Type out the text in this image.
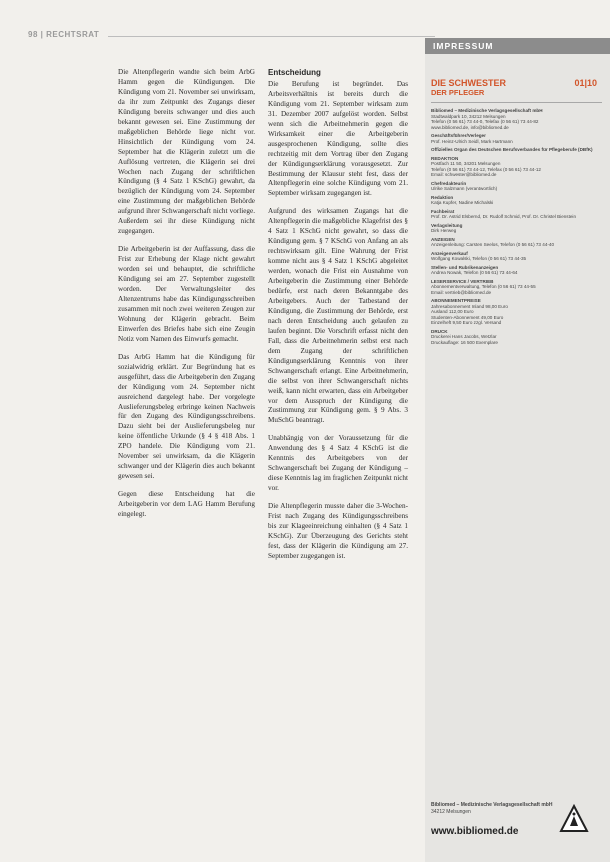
98 | RECHTSRAT

Die Altenpflegerin wandte sich beim ArbG Hamm gegen die Kündigungen. Die Kündigung vom 21. November sei unwirksam, da ihr zum Zeitpunkt des Zugangs dieser Kündigung bereits schwanger und dies auch bekannt gewesen sei. Eine Zustimmung der maßgeblichen Behörde liege nicht vor. Hinsichtlich der Kündigung vom 24. September hat die Klägerin zuletzt um die Auflösung vertreten, die Klägerin sei drei Wochen nach Zugang der schriftlichen Kündigung (§ 4 Satz 1 KSchG) gewahrt, da bezüglich der Kündigung vom 24. September eine Zustimmung der maßgeblichen Behörde aufgrund ihrer Schwangerschaft nicht vorliege. Außerdem sei ihr diese Kündigung nicht zugegangen.

Die Arbeitgeberin ist der Auffassung, dass die Frist zur Erhebung der Klage nicht gewahrt worden sei und behauptet, die schriftliche Kündigung sei am 27. September zugestellt worden. Der Verwaltungsleiter des Altenzentrums habe das Kündigungsschreiben zusammen mit noch zwei weiteren Zeugen zur Wohnung der Klägerin gebracht. Beim Einwerfen des Briefes habe sich eine Zeugin Notiz vom Namen des Einwurfs gemacht.

Das ArbG Hamm hat die Kündigung für sozialwidrig erklärt. Zur Begründung hat es ausgeführt, dass die Arbeitgeberin den Zugang der Kündigung vom 24. September nicht ausreichend dargelegt habe. Der vorgelegte Auslieferungsbeleg erbringe keinen Nachweis für den Zugang des Kündigungsschreibens. Dazu sieht bei der Auslieferungsbeleg nur keine öffentliche Urkunde (§ 4 § 418 Abs. 1 ZPO handele. Die Kündigung vom 21. November sei unwirksam, da die Klägerin schwanger und der Klägerin dies auch bekannt gewesen sei.

Gegen diese Entscheidung hat die Arbeitgeberin vor dem LAG Hamm Berufung eingelegt.

Entscheidung

Die Berufung ist begründet. Das Arbeitsverhältnis ist bereits durch die Kündigung vom 21. September wirksam zum 31. Dezember 2007 aufgelöst worden. Selbst wenn sich die Arbeitnehmerin gegen die Wirksamkeit einer die Arbeitgeberin ausgesprochenen Kündigung, sollte dies rechtzeitig mit dem Vortrag über den Zugang der Kündigungserklärung vorausgesetzt. Zur Bestimmung der Klausur steht fest, dass der Altenpflegerin eine solche Kündigung vom 21. September wirksam zugegangen ist.

Aufgrund des wirksamen Zugangs hat die Altenpflegerin die maßgebliche Klagefrist des § 4 Satz 1 KSchG nicht gewahrt, so dass die Kündigung gem. § 7 KSchG von Anfang an als rechtswirksam gilt. Eine Wahrung der Frist komme nicht aus § 4 Satz 1 KSchG abgeleitet werden, wonach die Frist ein Ausnahme von Arbeitgeberin die Zustimmung einer Behörde bedürfe, erst nach deren Bekanntgabe des Arbeitgebers. Auch der Tatbestand der Kündigung, die Zustimmung der Behörde, erst nach deren Entscheidung auch gelaufen zu laufen beginnt. Die Vorschrift erfasst nicht den Fall, dass die Arbeitnehmerin selbst erst nach dem Zugang der schriftlichen Kündigungserklärung Kenntnis von ihrer Schwangerschaft erlangt. Eine Arbeitnehmerin, die selbst von ihrer Schwangerschaft nichts weiß, kann nicht erwarten, dass ein Arbeitgeber vor dem Ausspruch der Kündigung die Zustimmung zur Kündigung gem. § 9 Abs. 3 MuSchG beantragt.

Unabhängig von der Voraussetzung für die Anwendung des § 4 Satz 4 KSchG ist die Kenntnis des Arbeitgebers von der Schwangerschaft bei Zugang der Kündigung – diese Kenntnis lag im fraglichen Zeitpunkt nicht vor.

Die Altenpflegerin musste daher die 3-Wochen-Frist nach Zugang des Kündigungsschreibens bis zur Klageeinreichung einhalten (§ 4 Satz 1 KSchG). Zur Überzeugung des Gerichts steht fest, dass der Klägerin die Kündigung am 27. September zugegangen ist.

IMPRESSUM
DIE SCHWESTER
DER PFLEGER
01|10
Bibliomed – Medizinische Verlagsgesellschaft mbH
Stadtwaldpark 10, 34212 Melsungen
Telefon (0 56 61) 73 44-0, Telefax (0 56 61) 73 44-82
www.bibliomed.de, info@bibliomed.de
Geschäftsführer/Verleger
Prof. Heinz-Ulrich Seidl, Mark Hartmann
Offizielles Organ des Deutschen Berufsverbandes für Pflegeberufe (DBfK)
REDAKTION
Postfach 11 50, 34201 Melsungen
Telefon (0 56 61) 73 44-12, Telefax (0 56 61) 73 44-12
Email: schwester@bibliomed.de
Chefredakteurin
Ulrike Salzmann (verantwortlich)
Redaktion
Katja Kupfer, Nadine Michalski
Fachbeirat
Prof. Dr. Astrid Elsbernd, Dr. Rudolf Schmid, Prof. Dr. Christel Bienstein
Verlagsleitung
Dirk Herweg
ANZEIGEN
Anzeigenleitung: Carsten Seelos, Telefon (0 56 61) 73 44-40
Anzeigenverkauf
Wolfgang Kowalski, Telefon (0 56 61) 73 44-35
Stellen- und Rubrikenanzeigen
Andrea Nowak, Telefon (0 56 61) 73 44-64
LESERSERVICE / VERTRIEB
Abonnementverwaltung, Telefon (0 56 61) 73 44-55
Email: vertrieb@bibliomed.de
ABONNEMENTPREISE
Jahresabonnement Inland 98,00 Euro
Ausland 112,00 Euro
Studenten-Abonnement 49,00 Euro
Einzelheft 9,50 Euro zzgl. Versand
DRUCK
Druckerei Hans Jacobs, Wetzlar
Druckauflage: 16 500 Exemplare
Bibliomed – Medizinische Verlagsgesellschaft mbH
34212 Melsungen
www.bibliomed.de
